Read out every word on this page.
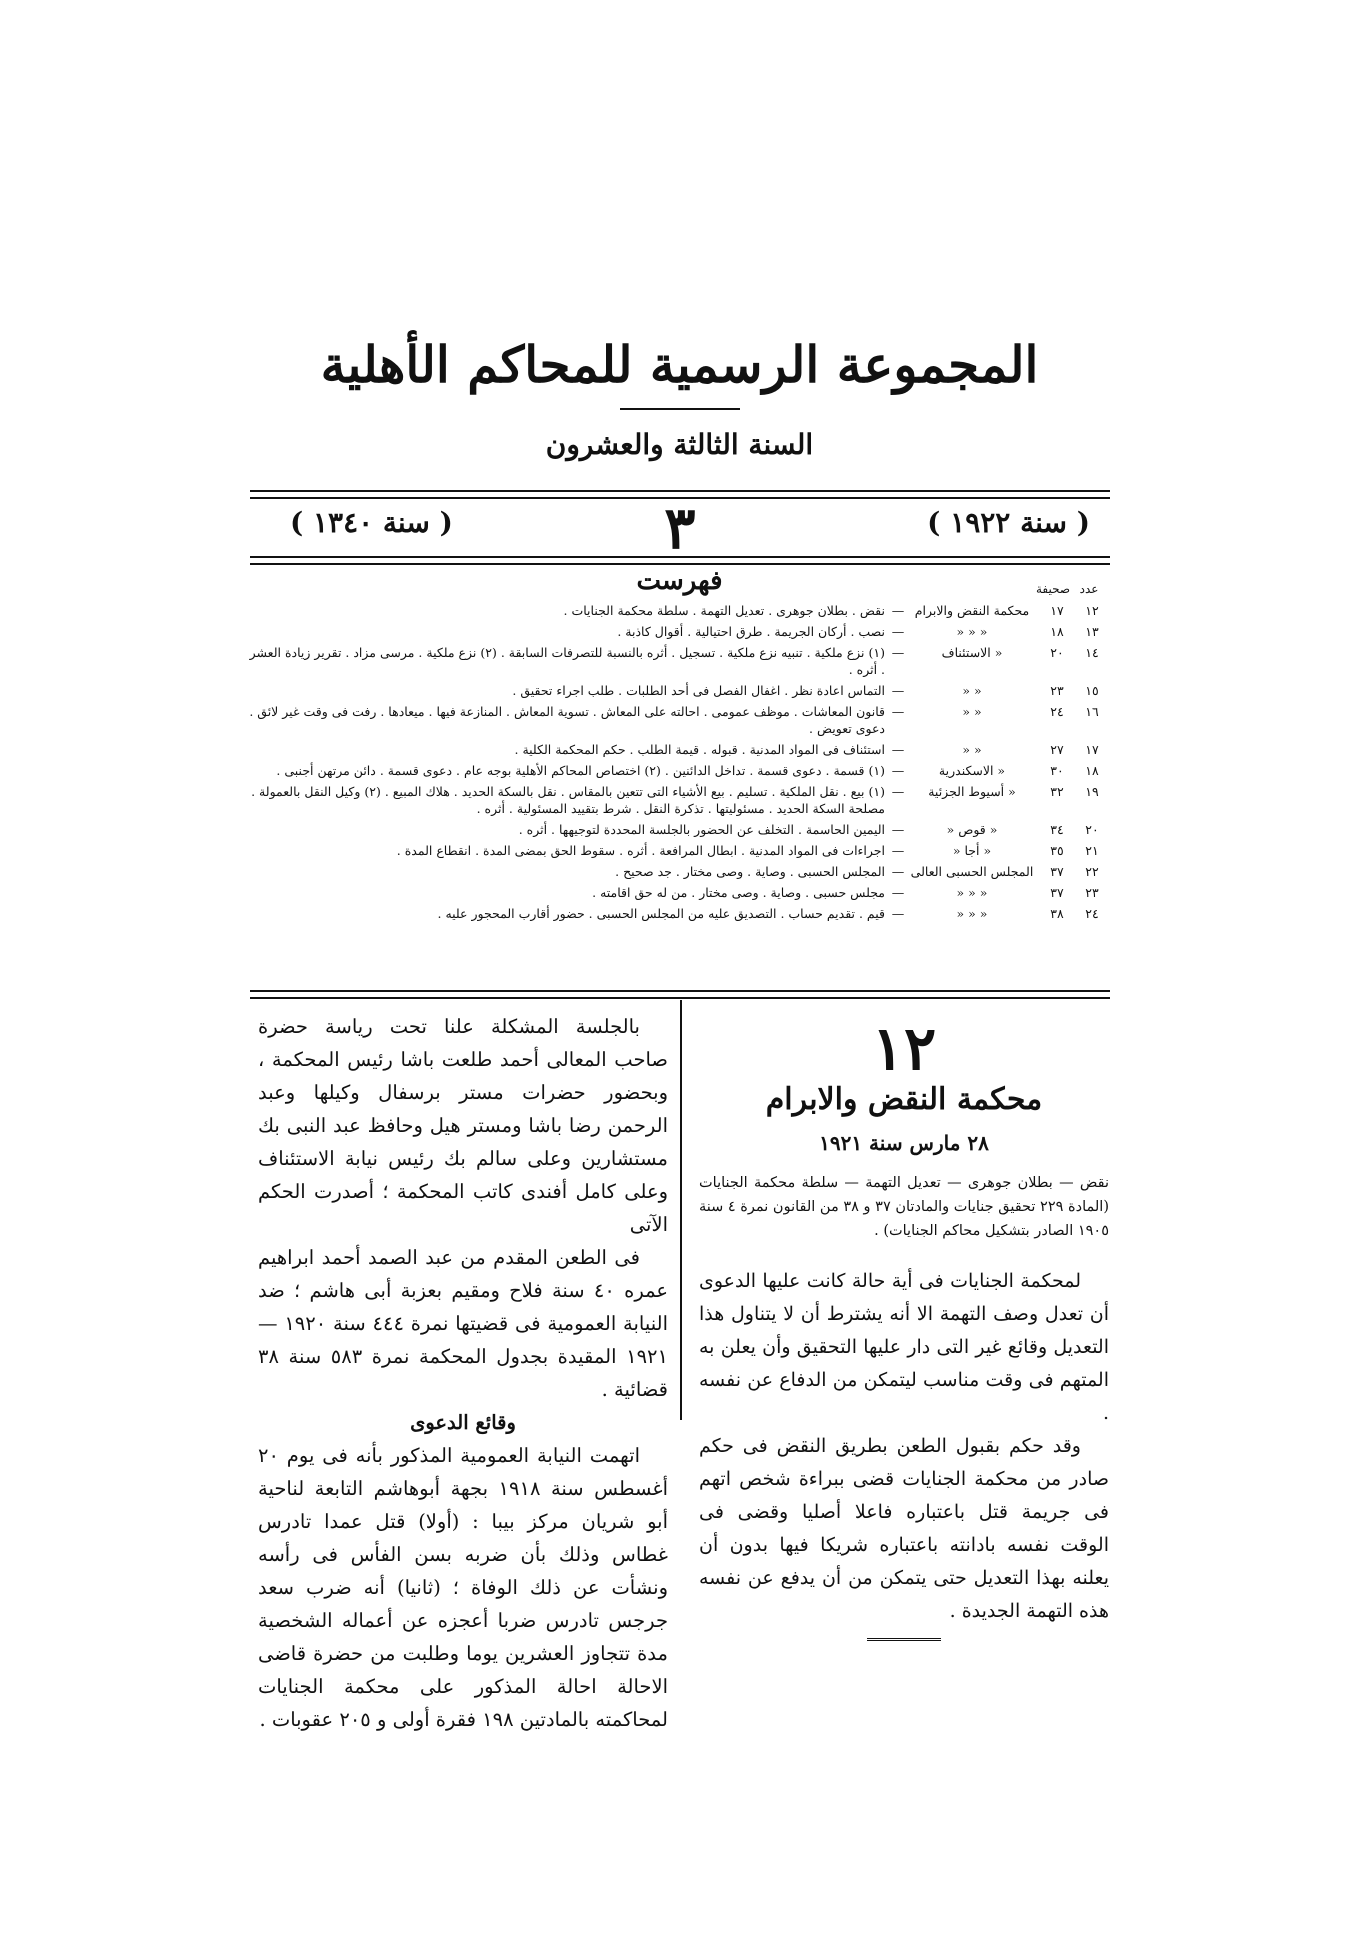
المجموعة الرسمية للمحاكم الأهلية
السنة الثالثة والعشرون
( سنة ١٩٢٢ )
٣
( سنة ١٣٤٠ )
فهرست	عددصحيفة
١٢
١٧
محكمة النقض والابرام
—
نقض . بطلان جوهرى . تعديل التهمة . سلطة محكمة الجنايات .
١٣
١٨
« « «
—
نصب . أركان الجريمة . طرق احتيالية . أقوال كاذبة .
١٤
٢٠
« الاستئناف
—
(١) نزع ملكية . تنبيه نزع ملكية . تسجيل . أثره بالنسبة للتصرفات السابقة . (٢) نزع ملكية . مرسى مزاد . تقرير زيادة العشر . أثره .
١٥
٢٣
« «
—
التماس اعادة نظر . اغفال الفصل فى أحد الطلبات . طلب اجراء تحقيق .
١٦
٢٤
« «
—
قانون المعاشات . موظف عمومى . احالته على المعاش . تسوية المعاش . المنازعة فيها . ميعادها . رفت فى وقت غير لائق . دعوى تعويض .
١٧
٢٧
« «
—
استئناف فى المواد المدنية . قبوله . قيمة الطلب . حكم المحكمة الكلية .
١٨
٣٠
« الاسكندرية
—
(١) قسمة . دعوى قسمة . تداخل الدائنين . (٢) اختصاص المحاكم الأهلية بوجه عام . دعوى قسمة . دائن مرتهن أجنبى .
١٩
٣٢
« أسيوط الجزئية
—
(١) بيع . نقل الملكية . تسليم . بيع الأشياء التى تتعين بالمقاس . نقل بالسكة الحديد . هلاك المبيع . (٢) وكيل النقل بالعمولة . مصلحة السكة الحديد . مسئوليتها . تذكرة النقل . شرط بتقييد المسئولية . أثره .
٢٠
٣٤
« قوص «
—
اليمين الحاسمة . التخلف عن الحضور بالجلسة المحددة لتوجيهها . أثره .
٢١
٣٥
« أجا «
—
اجراءات فى المواد المدنية . ابطال المرافعة . أثره . سقوط الحق بمضى المدة . انقطاع المدة .
٢٢
٣٧
المجلس الحسبى العالى
—
المجلس الحسبى . وصاية . وصى مختار . جد صحيح .
٢٣
٣٧
« « «
—
مجلس حسبى . وصاية . وصى مختار . من له حق اقامته .
٢٤
٣٨
« « «
—
قيم . تقديم حساب . التصديق عليه من المجلس الحسبى . حضور أقارب المحجور عليه .
١٢
محكمة النقض والابرام
٢٨ مارس سنة ١٩٢١
نقض — بطلان جوهرى — تعديل التهمة — سلطة محكمة الجنايات (المادة ٢٢٩ تحقيق جنايات والمادتان ٣٧ و ٣٨ من القانون نمرة ٤ سنة ١٩٠٥ الصادر بتشكيل محاكم الجنايات) .

لمحكمة الجنايات فى أية حالة كانت عليها الدعوى أن تعدل وصف التهمة الا أنه يشترط أن لا يتناول هذا التعديل وقائع غير التى دار عليها التحقيق وأن يعلن به المتهم فى وقت مناسب ليتمكن من الدفاع عن نفسه .

وقد حكم بقبول الطعن بطريق النقض فى حكم صادر من محكمة الجنايات قضى ببراءة شخص اتهم فى جريمة قتل باعتباره فاعلا أصليا وقضى فى الوقت نفسه بادانته باعتباره شريكا فيها بدون أن يعلنه بهذا التعديل حتى يتمكن من أن يدفع عن نفسه هذه التهمة الجديدة .

بالجلسة المشكلة علنا تحت رياسة حضرة صاحب المعالى أحمد طلعت باشا رئيس المحكمة ، وبحضور حضرات مستر برسفال وكيلها وعبد الرحمن رضا باشا ومستر هيل وحافظ عبد النبى بك مستشارين وعلى سالم بك رئيس نيابة الاستئناف وعلى كامل أفندى كاتب المحكمة ؛ أصدرت الحكم الآتى

فى الطعن المقدم من عبد الصمد أحمد ابراهيم عمره ٤٠ سنة فلاح ومقيم بعزبة أبى هاشم ؛ ضد النيابة العمومية فى قضيتها نمرة ٤٤٤ سنة ١٩٢٠ — ١٩٢١ المقيدة بجدول المحكمة نمرة ٥٨٣ سنة ٣٨ قضائية .

وقائع الدعوى

اتهمت النيابة العمومية المذكور بأنه فى يوم ٢٠ أغسطس سنة ١٩١٨ بجهة أبوهاشم التابعة لناحية أبو شريان مركز بيبا : (أولا) قتل عمدا تادرس غطاس وذلك بأن ضربه بسن الفأس فى رأسه ونشأت عن ذلك الوفاة ؛ (ثانيا) أنه ضرب سعد جرجس تادرس ضربا أعجزه عن أعماله الشخصية مدة تتجاوز العشرين يوما وطلبت من حضرة قاضى الاحالة احالة المذكور على محكمة الجنايات لمحاكمته بالمادتين ١٩٨ فقرة أولى و ٢٠٥ عقوبات .
